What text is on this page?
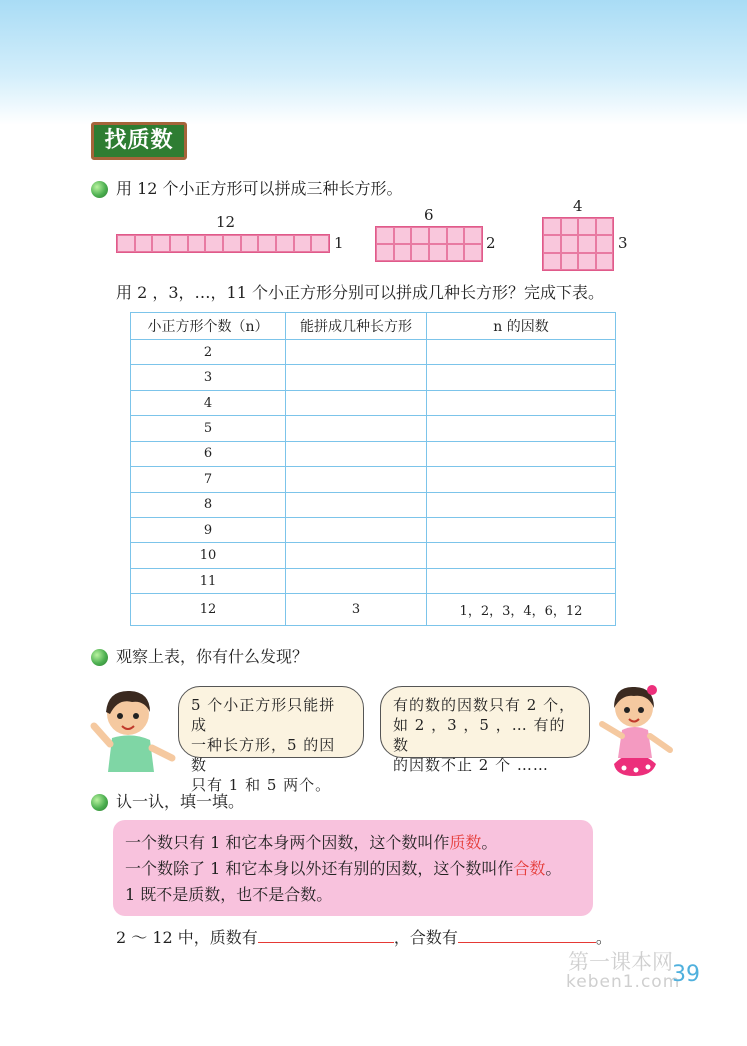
找质数
用 12 个小正方形可以拼成三种长方形。
12
1
6
2
4
3
用 2 ，3，…，11 个小正方形分别可以拼成几种长方形？完成下表。
小正方形个数（n）	能拼成几种长方形	n 的因数
2		
3		
4		
5		
6		
7		
8		
9		
10		
11		
12	3	1，2，3，4，6，12
观察上表，你有什么发现？
5 个小正方形只能拼成
一种长方形，5 的因数
只有 1 和 5 两个。
有的数的因数只有 2 个，
如 2 ，3 ，5 ，… 有的数
的因数不止 2 个 ……
认一认，填一填。
一个数只有 1 和它本身两个因数，这个数叫作质数。
一个数除了 1 和它本身以外还有别的因数，这个数叫作合数。
1 既不是质数，也不是合数。
2 ～ 12 中，质数有	，合数有	。
第一课本网
keben1.com
39
